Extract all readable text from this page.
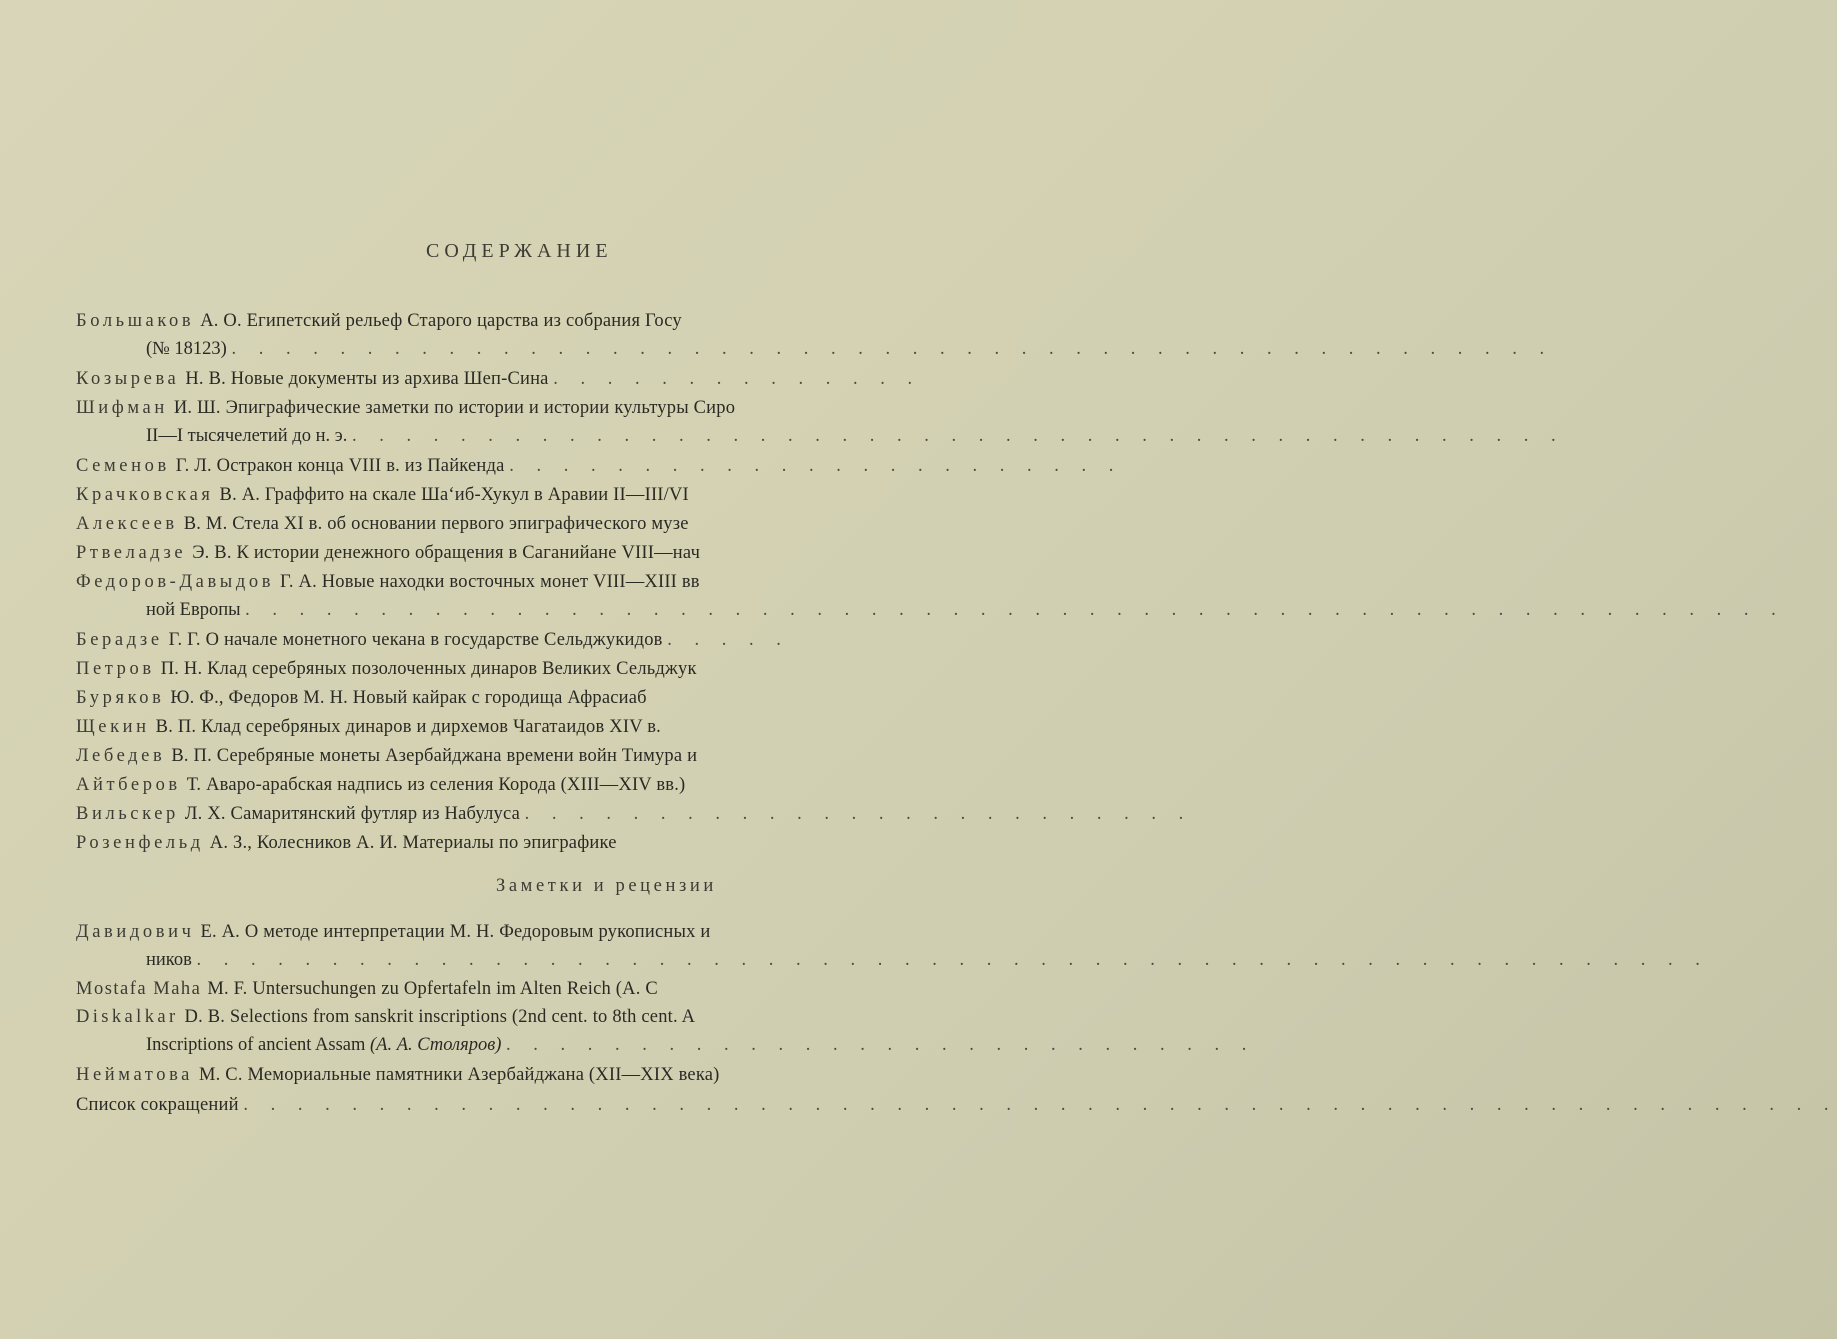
СОДЕРЖАНИЕ
Большаков А. О. Египетский рельеф Старого царства из собрания Госу
(№ 18123) . . . . . . . . . . . . . . . . . . . . . . . . . . . . . . . . . . . . . . . . . . . . . . . . .
Козырева Н. В. Новые документы из архива Шеп-Сина . . . . . . . . . . . . . .
Шифман И. Ш. Эпиграфические заметки по истории и истории культуры Сиро
II—I тысячелетий до н. э. . . . . . . . . . . . . . . . . . . . . . . . . . . . . . . . . . . . . . . . . . . . . .
Семенов Г. Л. Остракон конца VIII в. из Пайкенда . . . . . . . . . . . . . . . . . . . . . . .
Крачковская В. А. Граффито на скале Ша‘иб-Хукул в Аравии II—III/VI
Алексеев В. М. Стела XI в. об основании первого эпиграфического музе
Ртвеладзе Э. В. К истории денежного обращения в Саганийане VIII—нач
Федоров-Давыдов Г. А. Новые находки восточных монет VIII—XIII вв
ной Европы . . . . . . . . . . . . . . . . . . . . . . . . . . . . . . . . . . . . . . . . . . . . . . . . . . . . . . . . .
Берадзе Г. Г. О начале монетного чекана в государстве Сельджукидов . . . . .
Петров П. Н. Клад серебряных позолоченных динаров Великих Сельджук
Буряков Ю. Ф., Федоров М. Н. Новый кайрак с городища Афрасиаб
Щекин В. П. Клад серебряных динаров и дирхемов Чагатаидов XIV в.
Лебедев В. П. Серебряные монеты Азербайджана времени войн Тимура и
Айтберов Т. Аваро-арабская надпись из селения Корода (XIII—XIV вв.)
Вильскер Л. Х. Самаритянский футляр из Набулуса . . . . . . . . . . . . . . . . . . . . . . . . .
Розенфельд А. З., Колесников А. И. Материалы по эпиграфике
Заметки и рецензии
Давидович Е. А. О методе интерпретации М. Н. Федоровым рукописных и
ников . . . . . . . . . . . . . . . . . . . . . . . . . . . . . . . . . . . . . . . . . . . . . . . . . . . . . . . .
Mostafa Maha M. F. Untersuchungen zu Opfertafeln im Alten Reich (А. С
Diskalkar D. B. Selections from sanskrit inscriptions (2nd cent. to 8th cent. A
Inscriptions of ancient Assam (А. А. Столяров) . . . . . . . . . . . . . . . . . . . . . . . . . . . .
Нейматова М. С. Мемориальные памятники Азербайджана (XII—XIX века)
Список сокращений . . . . . . . . . . . . . . . . . . . . . . . . . . . . . . . . . . . . . . . . . . . . . . . . . . . . . . . . . . .
